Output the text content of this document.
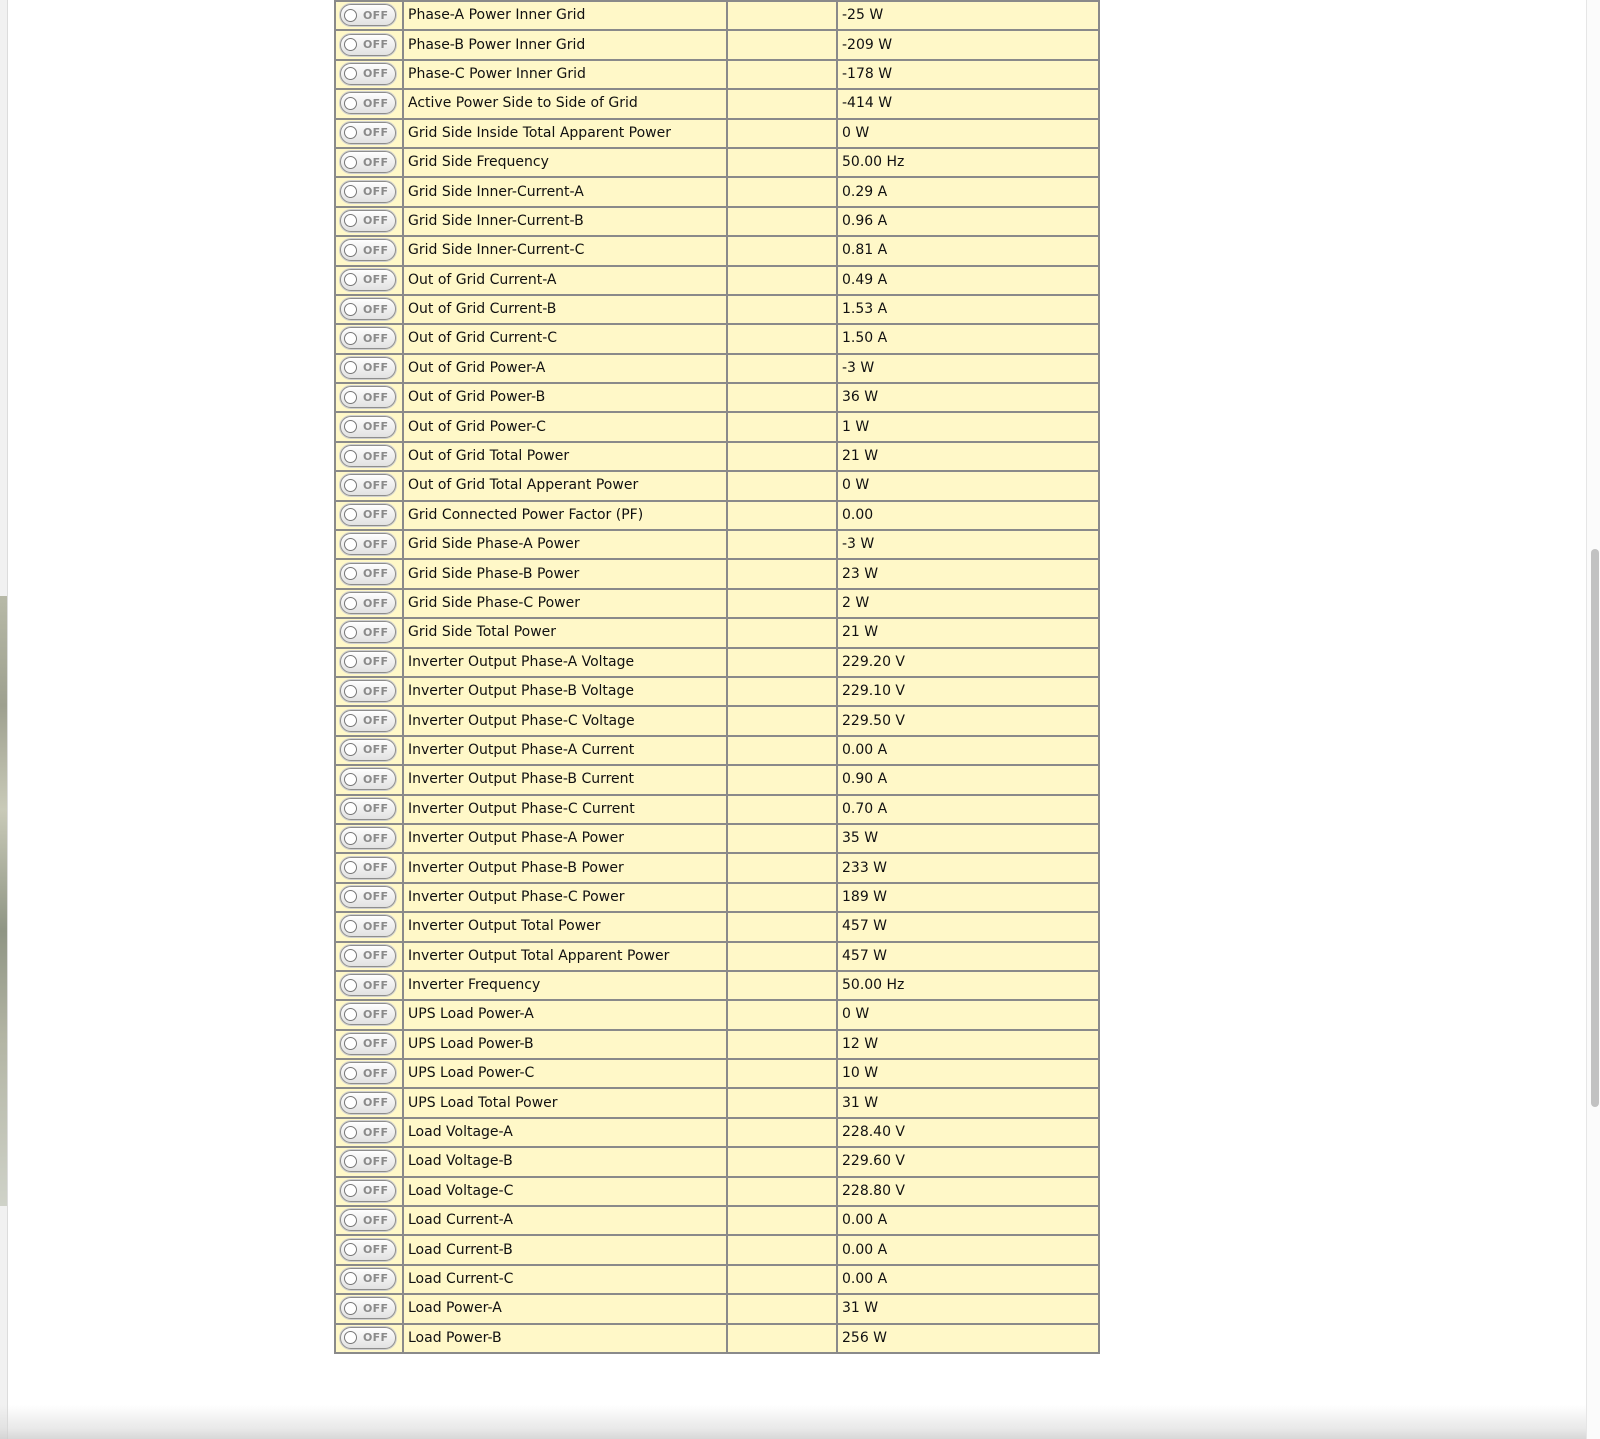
OFF	Phase-A Power Inner Grid		-25 W

OFF	Phase-B Power Inner Grid		-209 W

OFF	Phase-C Power Inner Grid		-178 W

OFF	Active Power Side to Side of Grid		-414 W

OFF	Grid Side Inside Total Apparent Power		0 W

OFF	Grid Side Frequency		50.00 Hz

OFF	Grid Side Inner-Current-A		0.29 A

OFF	Grid Side Inner-Current-B		0.96 A

OFF	Grid Side Inner-Current-C		0.81 A

OFF	Out of Grid Current-A		0.49 A

OFF	Out of Grid Current-B		1.53 A

OFF	Out of Grid Current-C		1.50 A

OFF	Out of Grid Power-A		-3 W

OFF	Out of Grid Power-B		36 W

OFF	Out of Grid Power-C		1 W

OFF	Out of Grid Total Power		21 W

OFF	Out of Grid Total Apperant Power		0 W

OFF	Grid Connected Power Factor (PF)		0.00

OFF	Grid Side Phase-A Power		-3 W

OFF	Grid Side Phase-B Power		23 W

OFF	Grid Side Phase-C Power		2 W

OFF	Grid Side Total Power		21 W

OFF	Inverter Output Phase-A Voltage		229.20 V

OFF	Inverter Output Phase-B Voltage		229.10 V

OFF	Inverter Output Phase-C Voltage		229.50 V

OFF	Inverter Output Phase-A Current		0.00 A

OFF	Inverter Output Phase-B Current		0.90 A

OFF	Inverter Output Phase-C Current		0.70 A

OFF	Inverter Output Phase-A Power		35 W

OFF	Inverter Output Phase-B Power		233 W

OFF	Inverter Output Phase-C Power		189 W

OFF	Inverter Output Total Power		457 W

OFF	Inverter Output Total Apparent Power		457 W

OFF	Inverter Frequency		50.00 Hz

OFF	UPS Load Power-A		0 W

OFF	UPS Load Power-B		12 W

OFF	UPS Load Power-C		10 W

OFF	UPS Load Total Power		31 W

OFF	Load Voltage-A		228.40 V

OFF	Load Voltage-B		229.60 V

OFF	Load Voltage-C		228.80 V

OFF	Load Current-A		0.00 A

OFF	Load Current-B		0.00 A

OFF	Load Current-C		0.00 A

OFF	Load Power-A		31 W

OFF	Load Power-B		256 W
